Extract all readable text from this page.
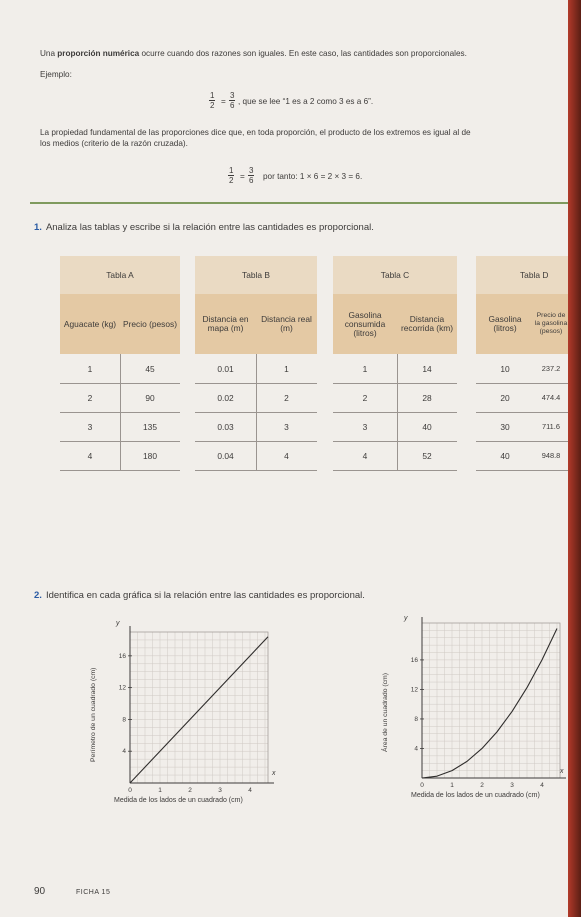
Una proporción numérica ocurre cuando dos razones son iguales. En este caso, las cantidades son proporcionales.
Ejemplo:
$\frac{1}{2} = \frac{3}{6}$ , que se lee “1 es a 2 como 3 es a 6”.
La propiedad fundamental de las proporciones dice que, en toda proporción, el producto de los extremos es igual al de
los medios (criterio de la razón cruzada).
$\frac{1}{2} = \frac{3}{6}$ por tanto: 1 × 6 = 2 × 3 = 6.
1. Analiza las tablas y escribe si la relación entre las cantidades es proporcional.
Tabla A
Aguacate (kg) Precio (pesos)
1	45
2	90
3	135
4	180
Tabla B
Distancia en mapa (m)
Distancia real (m)
0.01	1
0.02	2
0.03	3
0.04	4
Tabla C
Gasolina consumida (litros)
Distancia recorrida (km)
1	14
2	28
3	40
4	52
Tabla D
Gasolina (litros)
Precio de la gasolina (pesos)
10	237.2
20	474.4
30	711.6
40	948.8
2. Identifica en cada gráfica si la relación entre las cantidades es proporcional.
0	1	2	3	4
4
8
12
16
y
x
Perímetro de un cuadrado (cm)
Medida de los lados de un cuadrado (cm)
0	1	2	3	4
4
8
12
16
y
x
Área de un cuadrado (cm)
Medida de los lados de un cuadrado (cm)
90	FICHA 15
